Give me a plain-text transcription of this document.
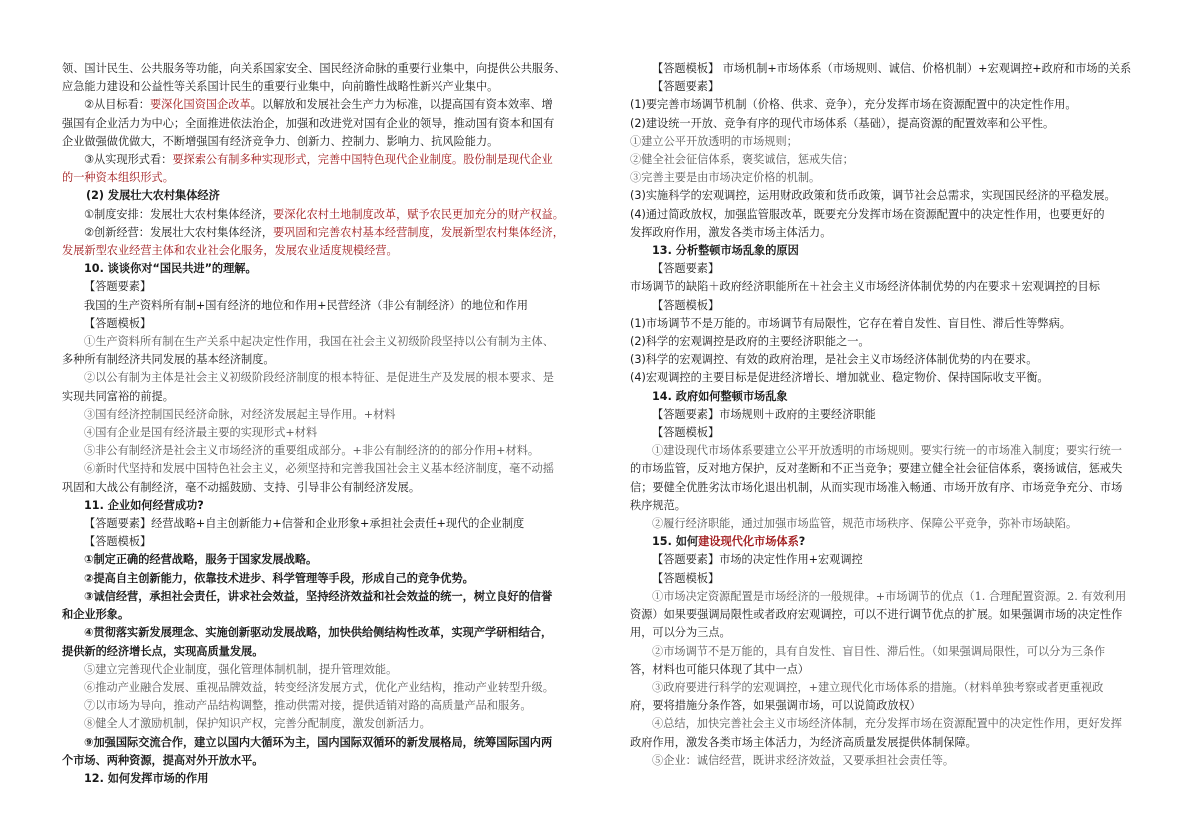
领、国计民生、公共服务等功能，向关系国家安全、国民经济命脉的重要行业集中，向提供公共服务、
应急能力建设和公益性等关系国计民生的重要行业集中，向前瞻性战略性新兴产业集中。
②从目标看：要深化国资国企改革。以解放和发展社会生产力为标准，以提高国有资本效率、增
强国有企业活力为中心；全面推进依法治企，加强和改进党对国有企业的领导，推动国有资本和国有
企业做强做优做大，不断增强国有经济竞争力、创新力、控制力、影响力、抗风险能力。
③从实现形式看：要探索公有制多种实现形式，完善中国特色现代企业制度。股份制是现代企业
的一种资本组织形式。
(2) 发展壮大农村集体经济
①制度安排：发展壮大农村集体经济，要深化农村土地制度改革，赋予农民更加充分的财产权益。
②创新经营：发展壮大农村集体经济，要巩固和完善农村基本经营制度，发展新型农村集体经济，
发展新型农业经营主体和农业社会化服务，发展农业适度规模经营。
10. 谈谈你对“国民共进”的理解。
【答题要素】
我国的生产资料所有制+国有经济的地位和作用+民营经济（非公有制经济）的地位和作用
【答题模板】
①生产资料所有制在生产关系中起决定性作用，我国在社会主义初级阶段坚持以公有制为主体、
多种所有制经济共同发展的基本经济制度。
②以公有制为主体是社会主义初级阶段经济制度的根本特征、是促进生产及发展的根本要求、是
实现共同富裕的前提。
③国有经济控制国民经济命脉，对经济发展起主导作用。+材料
④国有企业是国有经济最主要的实现形式+材料
⑤非公有制经济是社会主义市场经济的重要组成部分。+非公有制经济的的部分作用+材料。
⑥新时代坚持和发展中国特色社会主义，必须坚持和完善我国社会主义基本经济制度，毫不动摇
巩固和大战公有制经济，毫不动摇鼓励、支持、引导非公有制经济发展。
11. 企业如何经营成功?
【答题要素】经营战略+自主创新能力+信誉和企业形象+承担社会责任+现代的企业制度
【答题模板】
①制定正确的经营战略，服务于国家发展战略。
②提高自主创新能力，依靠技术进步、科学管理等手段，形成自己的竞争优势。
③诚信经营，承担社会责任，讲求社会效益，坚持经济效益和社会效益的统一，树立良好的信誉
和企业形象。
④贯彻落实新发展理念、实施创新驱动发展战略，加快供给侧结构性改革，实现产学研相结合，
提供新的经济增长点，实现高质量发展。
⑤建立完善现代企业制度，强化管理体制机制，提升管理效能。
⑥推动产业融合发展、重视品牌效益，转变经济发展方式，优化产业结构，推动产业转型升级。
⑦以市场为导向，推动产品结构调整，推动供需对接，提供适销对路的高质量产品和服务。
⑧健全人才激励机制，保护知识产权，完善分配制度，激发创新活力。
⑨加强国际交流合作，建立以国内大循环为主，国内国际双循环的新发展格局，统筹国际国内两
个市场、两种资源，提高对外开放水平。
12. 如何发挥市场的作用
【答题模板】 市场机制+市场体系（市场规则、诚信、价格机制）+宏观调控+政府和市场的关系
【答题要素】
(1)要完善市场调节机制（价格、供求、竞争），充分发挥市场在资源配置中的决定性作用。
(2)建设统一开放、竞争有序的现代市场体系（基础），提高资源的配置效率和公平性。
①建立公平开放透明的市场规则；
②健全社会征信体系，褒奖诚信，惩戒失信；
③完善主要是由市场决定价格的机制。
(3)实施科学的宏观调控，运用财政政策和货币政策，调节社会总需求，实现国民经济的平稳发展。
(4)通过简政放权，加强监管服改革，既要充分发挥市场在资源配置中的决定性作用，也要更好的
发挥政府作用，激发各类市场主体活力。
13. 分析整顿市场乱象的原因
【答题要素】
市场调节的缺陷＋政府经济职能所在＋社会主义市场经济体制优势的内在要求＋宏观调控的目标
【答题模板】
(1)市场调节不是万能的。市场调节有局限性，它存在着自发性、盲目性、滞后性等弊病。
(2)科学的宏观调控是政府的主要经济职能之一。
(3)科学的宏观调控、有效的政府治理，是社会主义市场经济体制优势的内在要求。
(4)宏观调控的主要目标是促进经济增长、增加就业、稳定物价、保持国际收支平衡。
14. 政府如何整顿市场乱象
【答题要素】市场规则＋政府的主要经济职能
【答题模板】
①建设现代市场体系要建立公平开放透明的市场规则。要实行统一的市场准入制度；要实行统一
的市场监管，反对地方保护，反对垄断和不正当竞争；要建立健全社会征信体系，褒扬诚信，惩戒失
信；要健全优胜劣汰市场化退出机制，从而实现市场准入畅通、市场开放有序、市场竞争充分、市场
秩序规范。
②履行经济职能，通过加强市场监管，规范市场秩序、保障公平竞争，弥补市场缺陷。
15. 如何建设现代化市场体系?
【答题要素】市场的决定性作用+宏观调控
【答题模板】
①市场决定资源配置是市场经济的一般规律。+市场调节的优点（1. 合理配置资源。2. 有效利用
资源）如果要强调局限性或者政府宏观调控，可以不进行调节优点的扩展。如果强调市场的决定性作
用，可以分为三点。
②市场调节不是万能的，具有自发性、盲目性、滞后性。（如果强调局限性，可以分为三条作
答，材料也可能只体现了其中一点）
③政府要进行科学的宏观调控，+建立现代化市场体系的措施。（材料单独考察或者更重视政
府，要将措施分条作答，如果强调市场，可以说简政放权）
④总结，加快完善社会主义市场经济体制，充分发挥市场在资源配置中的决定性作用，更好发挥
政府作用，激发各类市场主体活力，为经济高质量发展提供体制保障。
⑤企业：诚信经营，既讲求经济效益，又要承担社会责任等。
